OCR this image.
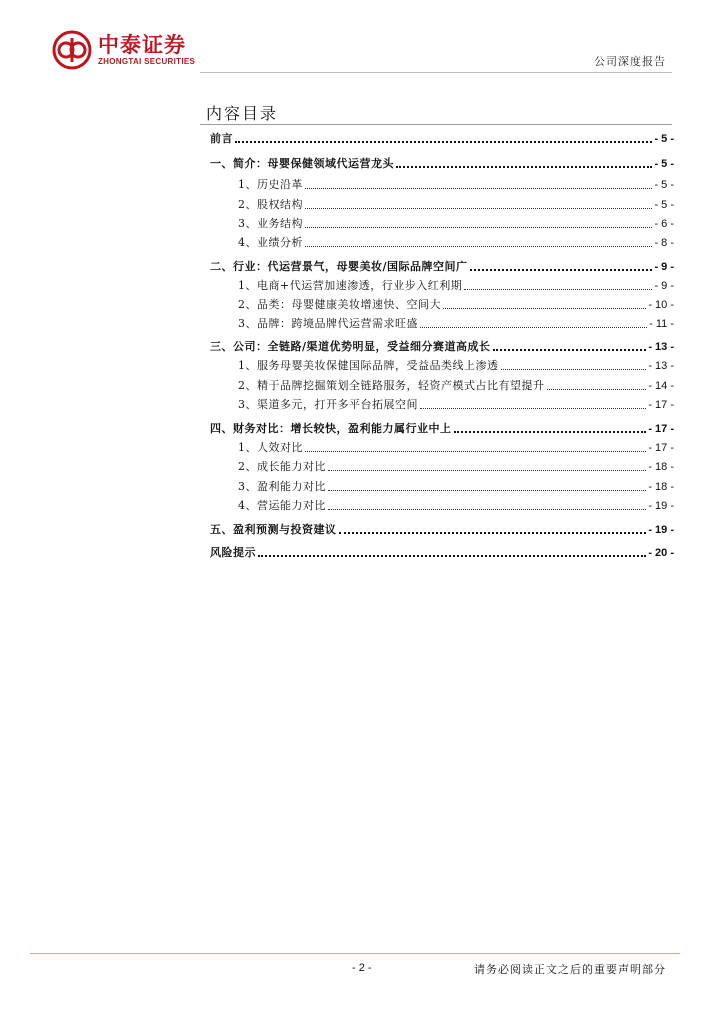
中泰证券
ZHONGTAI SECURITIES	公司深度报告
内容目录
前言	- 5 -
一、简介：母婴保健领域代运营龙头	- 5 -
1、历史沿革	- 5 -
2、股权结构	- 5 -
3、业务结构	- 6 -
4、业绩分析	- 8 -
二、行业：代运营景气，母婴美妆/国际品牌空间广	- 9 -
1、电商+代运营加速渗透，行业步入红利期	- 9 -
2、品类：母婴健康美妆增速快、空间大	- 10 -
3、品牌：跨境品牌代运营需求旺盛	- 11 -
三、公司：全链路/渠道优势明显，受益细分赛道高成长	- 13 -
1、服务母婴美妆保健国际品牌，受益品类线上渗透	- 13 -
2、精于品牌挖掘策划全链路服务，轻资产模式占比有望提升	- 14 -
3、渠道多元，打开多平台拓展空间	- 17 -
四、财务对比：增长较快，盈利能力属行业中上	- 17 -
1、人效对比	- 17 -
2、成长能力对比	- 18 -
3、盈利能力对比	- 18 -
4、营运能力对比	- 19 -
五、盈利预测与投资建议	- 19 -
风险提示	- 20 -
- 2 -	请务必阅读正文之后的重要声明部分
